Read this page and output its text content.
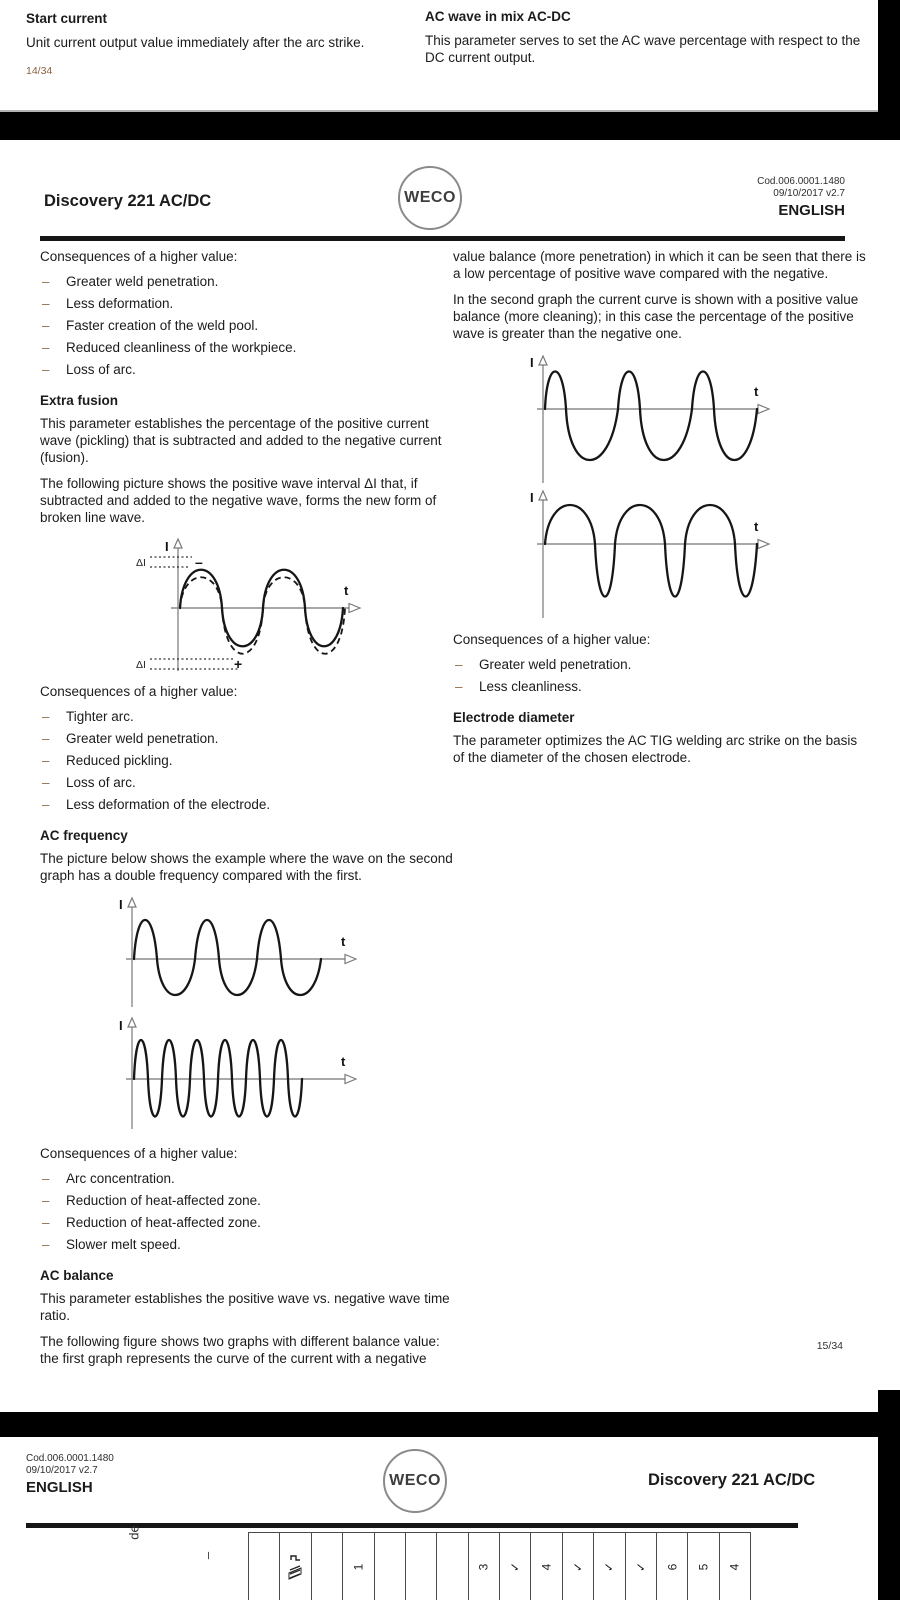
Start current
Unit current output value immediately after the arc strike.
AC wave in mix AC-DC
This parameter serves to set the AC wave percentage with respect to the DC current output.
14/34
Discovery 221 AC/DC	WECO
Cod.006.0001.1480
09/10/2017 v2.7
ENGLISH
Consequences of a higher value:
–	Greater weld penetration.
–	Less deformation.
–	Faster creation of the weld pool.
–	Reduced cleanliness of the workpiece.
–	Loss of arc.
Extra fusion

This parameter establishes the percentage of the positive current wave (pickling) that is subtracted and added to the negative current (fusion).

The following picture shows the positive wave interval ΔI that, if subtracted and added to the negative wave, forms the new form of broken line wave.

I
t
ΔI	–
ΔI	+
Consequences of a higher value:
–	Tighter arc.
–	Greater weld penetration.
–	Reduced pickling.
–	Loss of arc.
–	Less deformation of the electrode.
AC frequency

The picture below shows the example where the wave on the second graph has a double frequency compared with the first.

I
t
I
t
Consequences of a higher value:
–	Arc concentration.
–	Reduction of heat-affected zone.
–	Reduction of heat-affected zone.
–	Slower melt speed.
AC balance

This parameter establishes the positive wave vs. negative wave time ratio.

The following figure shows two graphs with different balance value: the first graph represents the curve of the current with a negative

value balance (more penetration) in which it can be seen that there is a low percentage of positive wave compared with the negative.

In the second graph the current curve is shown with a positive value balance (more cleaning); in this case the percentage of the positive wave is greater than the negative one.

I
t
I
t
Consequences of a higher value:
–	Greater weld penetration.
–	Less cleanliness.
Electrode diameter

The parameter optimizes the AC TIG welding arc strike on the basis of the diameter of the chosen electrode.

15/34
Cod.006.0001.1480
09/10/2017 v2.7
ENGLISH	WECO	Discovery 221 AC/DC
de
–
1	3 ✓ 4 ✓ ✓ ✓ 6 5 4
